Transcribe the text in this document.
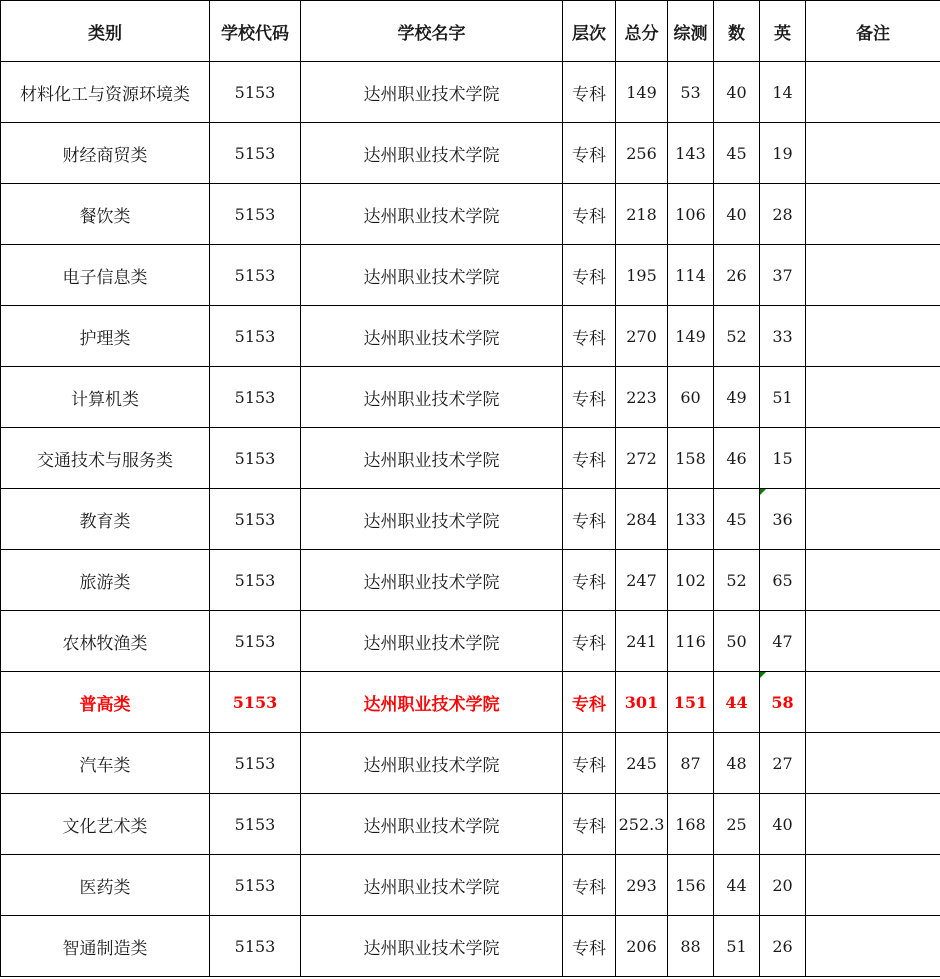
类别	学校代码	学校名字	层次	总分	综测	数	英	备注
材料化工与资源环境类	5153	达州职业技术学院	专科	149	53	40	14	
财经商贸类	5153	达州职业技术学院	专科	256	143	45	19	
餐饮类	5153	达州职业技术学院	专科	218	106	40	28	
电子信息类	5153	达州职业技术学院	专科	195	114	26	37	
护理类	5153	达州职业技术学院	专科	270	149	52	33	
计算机类	5153	达州职业技术学院	专科	223	60	49	51	
交通技术与服务类	5153	达州职业技术学院	专科	272	158	46	15	
教育类	5153	达州职业技术学院	专科	284	133	45	36	
旅游类	5153	达州职业技术学院	专科	247	102	52	65	
农林牧渔类	5153	达州职业技术学院	专科	241	116	50	47	
普高类	5153	达州职业技术学院	专科	301	151	44	58	
汽车类	5153	达州职业技术学院	专科	245	87	48	27	
文化艺术类	5153	达州职业技术学院	专科	252.3	168	25	40	
医药类	5153	达州职业技术学院	专科	293	156	44	20	
智通制造类	5153	达州职业技术学院	专科	206	88	51	26	
